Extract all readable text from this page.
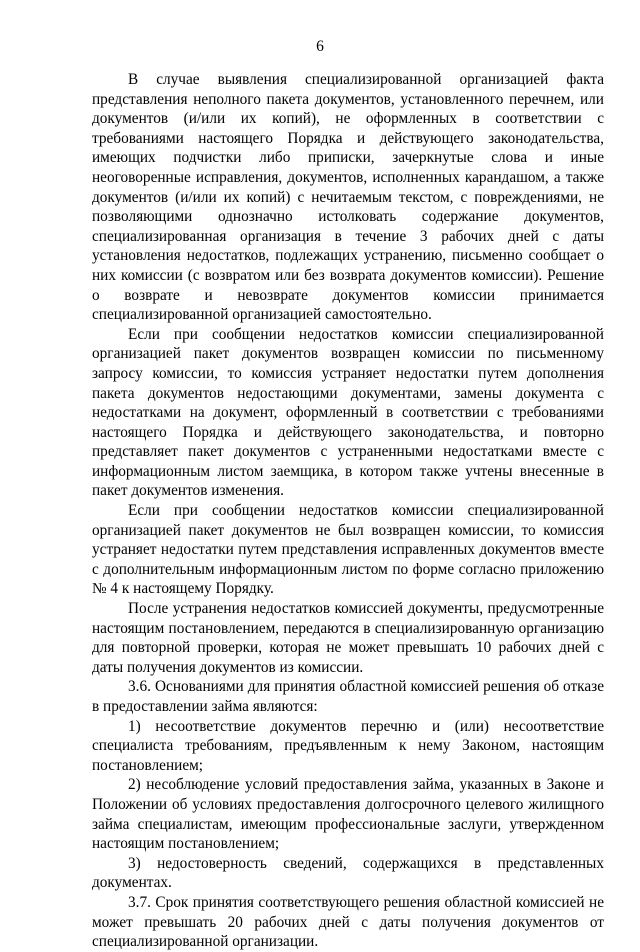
6

В случае выявления специализированной организацией факта представления неполного пакета документов, установленного перечнем, или документов (и/или их копий), не оформленных в соответствии с требованиями настоящего Порядка и действующего законодательства, имеющих подчистки либо приписки, зачеркнутые слова и иные неоговоренные исправления, документов, исполненных карандашом, а также документов (и/или их копий) с нечитаемым текстом, с повреждениями, не позволяющими однозначно истолковать содержание документов, специализированная организация в течение 3 рабочих дней с даты установления недостатков, подлежащих устранению, письменно сообщает о них комиссии (с возвратом или без возврата документов комиссии). Решение о возврате и невозврате документов комиссии принимается специализированной организацией самостоятельно.

Если при сообщении недостатков комиссии специализированной организацией пакет документов возвращен комиссии по письменному запросу комиссии, то комиссия устраняет недостатки путем дополнения пакета документов недостающими документами, замены документа с недостатками на документ, оформленный в соответствии с требованиями настоящего Порядка и действующего законодательства, и повторно представляет пакет документов с устраненными недостатками вместе с информационным листом заемщика, в котором также учтены внесенные в пакет документов изменения.

Если при сообщении недостатков комиссии специализированной организацией пакет документов не был возвращен комиссии, то комиссия устраняет недостатки путем представления исправленных документов вместе с дополнительным информационным листом по форме согласно приложению № 4 к настоящему Порядку.

После устранения недостатков комиссией документы, предусмотренные настоящим постановлением, передаются в специализированную организацию для повторной проверки, которая не может превышать 10 рабочих дней с даты получения документов из комиссии.

3.6. Основаниями для принятия областной комиссией решения об отказе в предоставлении займа являются:

1) несоответствие документов перечню и (или) несоответствие специалиста требованиям, предъявленным к нему Законом, настоящим постановлением;

2) несоблюдение условий предоставления займа, указанных в Законе и Положении об условиях предоставления долгосрочного целевого жилищного займа специалистам, имеющим профессиональные заслуги, утвержденном настоящим постановлением;

3) недостоверность сведений, содержащихся в представленных документах.

3.7. Срок принятия соответствующего решения областной комиссией не может превышать 20 рабочих дней с даты получения документов от специализированной организации.
